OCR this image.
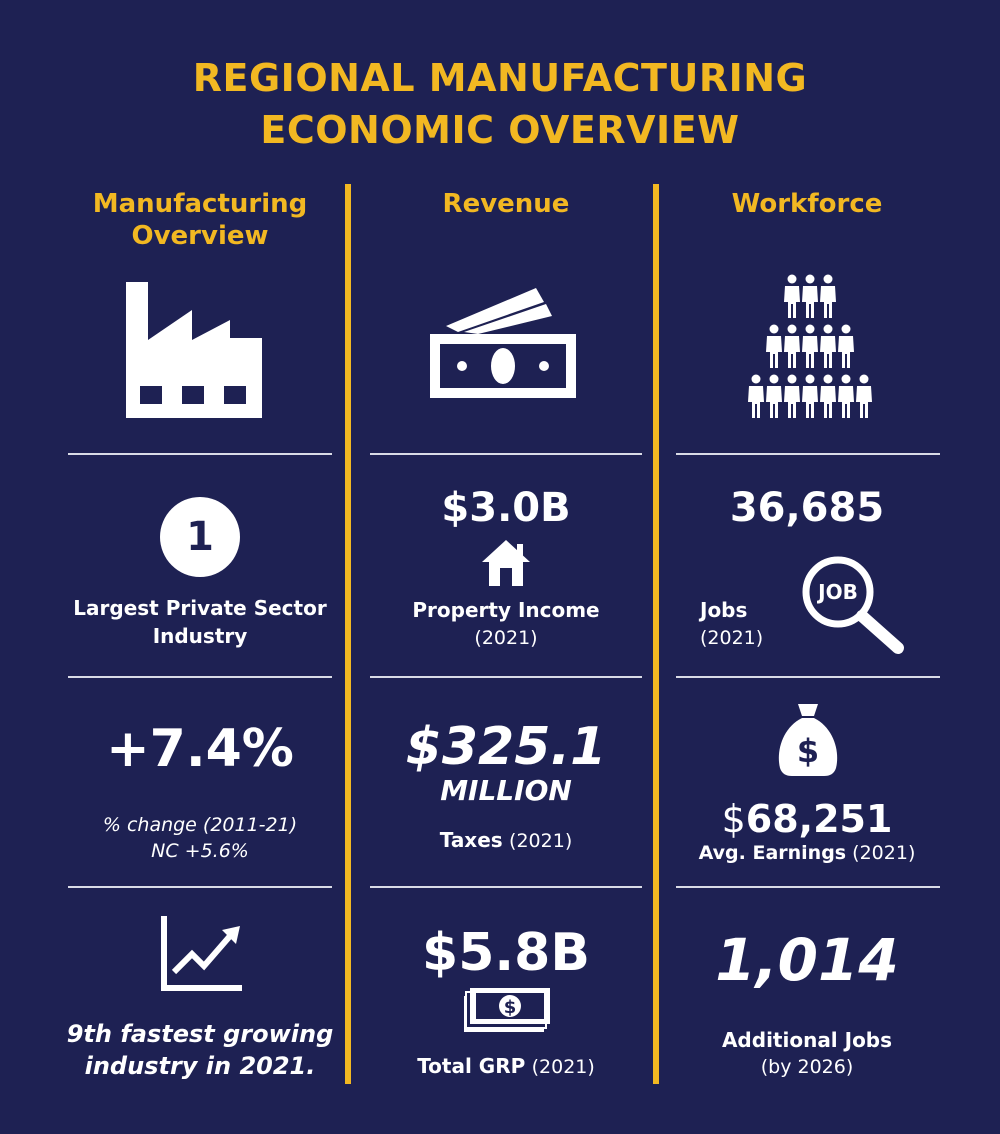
REGIONAL MANUFACTURING
ECONOMIC OVERVIEW
Manufacturing
Overview
Revenue	Workforce
1
Largest Private Sector
Industry
$3.0B
Property Income
(2021)
36,685
Jobs
(2021)
JOB
+7.4%
% change (2011-21)
NC +5.6%
$325.1
MILLION
Taxes (2021)
$
$68,251
Avg. Earnings (2021)
9th fastest growing
industry in 2021.
$5.8B
$
Total GRP (2021)
1,014
Additional Jobs
(by 2026)
